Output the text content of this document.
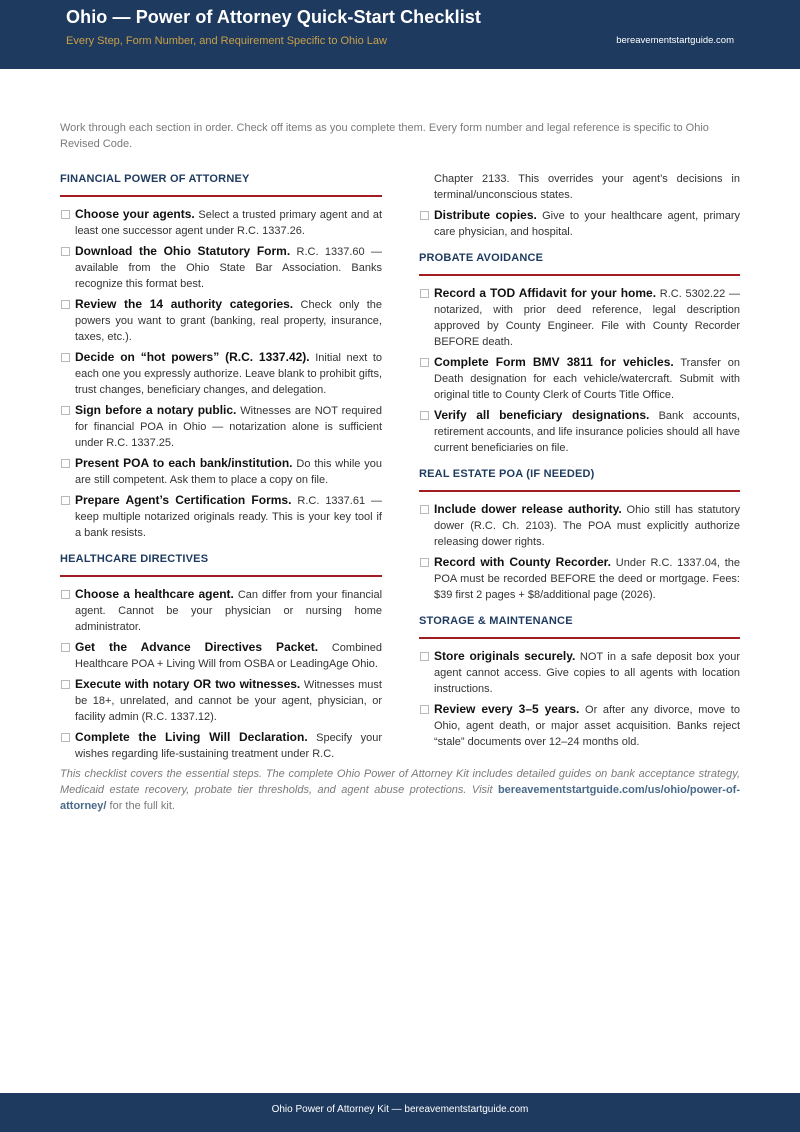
Ohio — Power of Attorney Quick-Start Checklist
Every Step, Form Number, and Requirement Specific to Ohio Law	bereavementstartguide.com
Work through each section in order. Check off items as you complete them. Every form number and legal reference is specific to Ohio Revised Code.
FINANCIAL POWER OF ATTORNEY
Choose your agents. Select a trusted primary agent and at least one successor agent under R.C. 1337.26.
Download the Ohio Statutory Form. R.C. 1337.60 — available from the Ohio State Bar Association. Banks recognize this format best.
Review the 14 authority categories. Check only the powers you want to grant (banking, real property, insurance, taxes, etc.).
Decide on “hot powers” (R.C. 1337.42). Initial next to each one you expressly authorize. Leave blank to prohibit gifts, trust changes, beneficiary changes, and delegation.
Sign before a notary public. Witnesses are NOT required for financial POA in Ohio — notarization alone is sufficient under R.C. 1337.25.
Present POA to each bank/institution. Do this while you are still competent. Ask them to place a copy on file.
Prepare Agent’s Certification Forms. R.C. 1337.61 — keep multiple notarized originals ready. This is your key tool if a bank resists.
HEALTHCARE DIRECTIVES
Choose a healthcare agent. Can differ from your financial agent. Cannot be your physician or nursing home administrator.
Get the Advance Directives Packet. Combined Healthcare POA + Living Will from OSBA or LeadingAge Ohio.
Execute with notary OR two witnesses. Witnesses must be 18+, unrelated, and cannot be your agent, physician, or facility admin (R.C. 1337.12).
Complete the Living Will Declaration. Specify your wishes regarding life-sustaining treatment under R.C.
Chapter 2133. This overrides your agent’s decisions in terminal/unconscious states.
Distribute copies. Give to your healthcare agent, primary care physician, and hospital.
PROBATE AVOIDANCE
Record a TOD Affidavit for your home. R.C. 5302.22 — notarized, with prior deed reference, legal description approved by County Engineer. File with County Recorder BEFORE death.
Complete Form BMV 3811 for vehicles. Transfer on Death designation for each vehicle/watercraft. Submit with original title to County Clerk of Courts Title Office.
Verify all beneficiary designations. Bank accounts, retirement accounts, and life insurance policies should all have current beneficiaries on file.
REAL ESTATE POA (IF NEEDED)
Include dower release authority. Ohio still has statutory dower (R.C. Ch. 2103). The POA must explicitly authorize releasing dower rights.
Record with County Recorder. Under R.C. 1337.04, the POA must be recorded BEFORE the deed or mortgage. Fees: $39 first 2 pages + $8/additional page (2026).
STORAGE & MAINTENANCE
Store originals securely. NOT in a safe deposit box your agent cannot access. Give copies to all agents with location instructions.
Review every 3–5 years. Or after any divorce, move to Ohio, agent death, or major asset acquisition. Banks reject “stale” documents over 12–24 months old.
This checklist covers the essential steps. The complete Ohio Power of Attorney Kit includes detailed guides on bank acceptance strategy, Medicaid estate recovery, probate tier thresholds, and agent abuse protections. Visit bereavementstartguide.com/us/ohio/power-of-attorney/ for the full kit.
Ohio Power of Attorney Kit — bereavementstartguide.com
